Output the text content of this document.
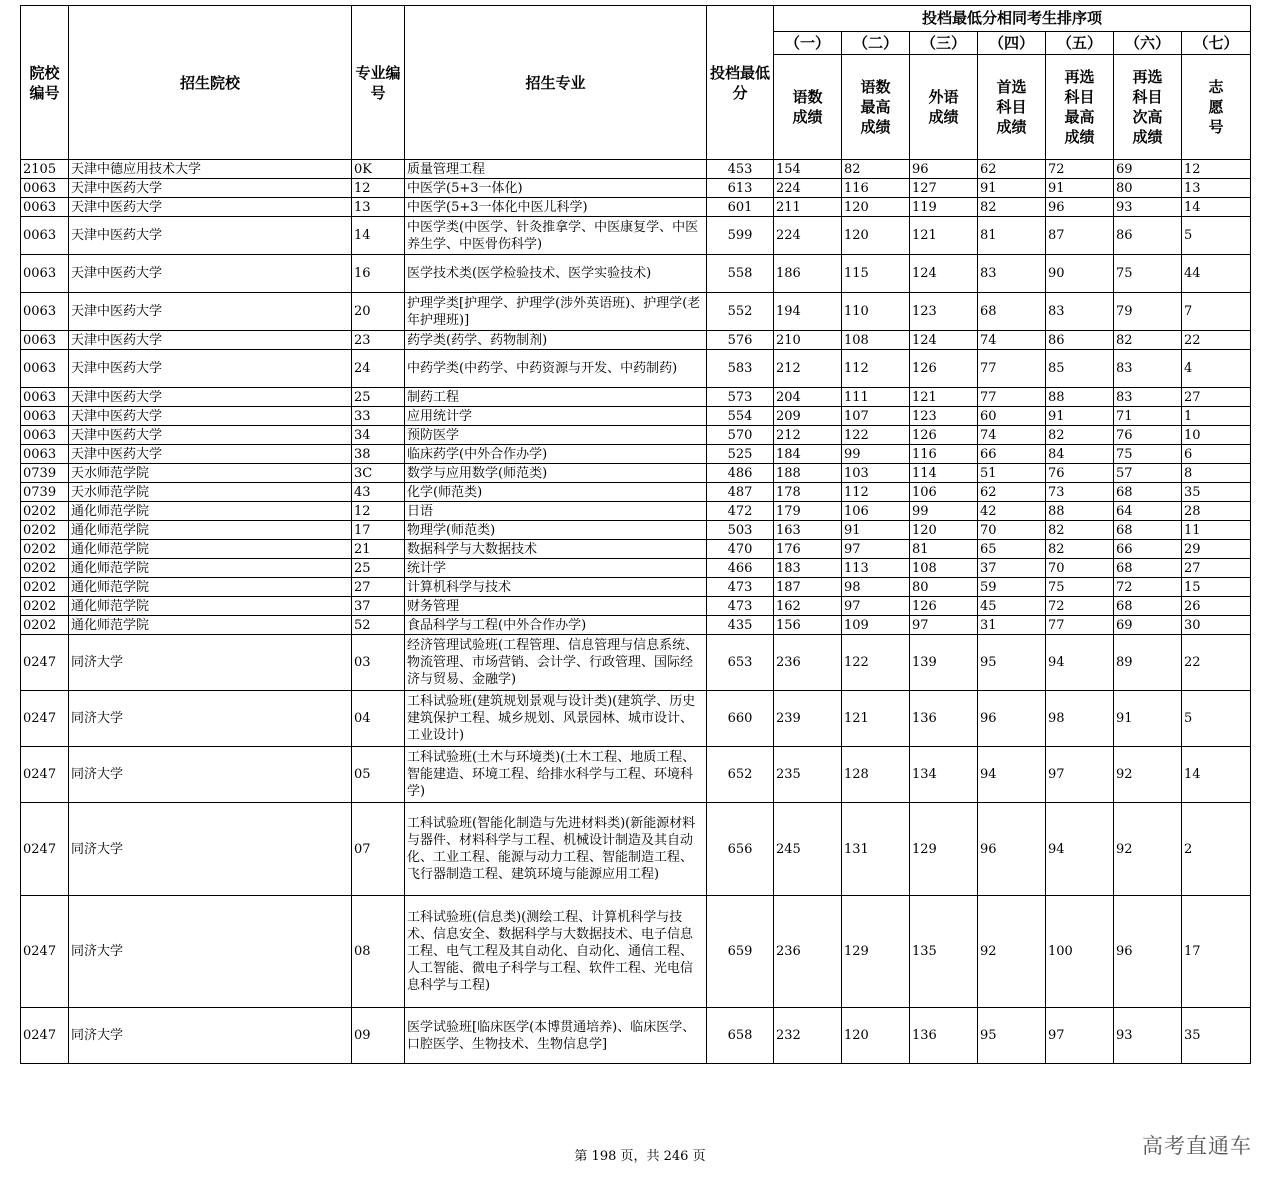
院校编号	招生院校	专业编号	招生专业	投档最低分	投档最低分相同考生排序项						
					（一）	（二）	（三）	（四）	（五）	（六）	（七）
					语数成绩	语数最高成绩	外语成绩	首选科目成绩	再选科目最高成绩	再选科目次高成绩	志愿号
2105	天津中德应用技术大学	0K	质量管理工程	453	154	82	96	62	72	69	12
0063	天津中医药大学	12	中医学(5+3一体化)	613	224	116	127	91	91	80	13
0063	天津中医药大学	13	中医学(5+3一体化中医儿科学)	601	211	120	119	82	96	93	14
0063	天津中医药大学	14	中医学类(中医学、针灸推拿学、中医康复学、中医养生学、中医骨伤科学)	599	224	120	121	81	87	86	5
0063	天津中医药大学	16	医学技术类(医学检验技术、医学实验技术)	558	186	115	124	83	90	75	44
0063	天津中医药大学	20	护理学类[护理学、护理学(涉外英语班)、护理学(老年护理班)]	552	194	110	123	68	83	79	7
0063	天津中医药大学	23	药学类(药学、药物制剂)	576	210	108	124	74	86	82	22
0063	天津中医药大学	24	中药学类(中药学、中药资源与开发、中药制药)	583	212	112	126	77	85	83	4
0063	天津中医药大学	25	制药工程	573	204	111	121	77	88	83	27
0063	天津中医药大学	33	应用统计学	554	209	107	123	60	91	71	1
0063	天津中医药大学	34	预防医学	570	212	122	126	74	82	76	10
0063	天津中医药大学	38	临床药学(中外合作办学)	525	184	99	116	66	84	75	6
0739	天水师范学院	3C	数学与应用数学(师范类)	486	188	103	114	51	76	57	8
0739	天水师范学院	43	化学(师范类)	487	178	112	106	62	73	68	35
0202	通化师范学院	12	日语	472	179	106	99	42	88	64	28
0202	通化师范学院	17	物理学(师范类)	503	163	91	120	70	82	68	11
0202	通化师范学院	21	数据科学与大数据技术	470	176	97	81	65	82	66	29
0202	通化师范学院	25	统计学	466	183	113	108	37	70	68	27
0202	通化师范学院	27	计算机科学与技术	473	187	98	80	59	75	72	15
0202	通化师范学院	37	财务管理	473	162	97	126	45	72	68	26
0202	通化师范学院	52	食品科学与工程(中外合作办学)	435	156	109	97	31	77	69	30
0247	同济大学	03	经济管理试验班(工程管理、信息管理与信息系统、物流管理、市场营销、会计学、行政管理、国际经济与贸易、金融学)	653	236	122	139	95	94	89	22
0247	同济大学	04	工科试验班(建筑规划景观与设计类)(建筑学、历史建筑保护工程、城乡规划、风景园林、城市设计、工业设计)	660	239	121	136	96	98	91	5
0247	同济大学	05	工科试验班(土木与环境类)(土木工程、地质工程、智能建造、环境工程、给排水科学与工程、环境科学)	652	235	128	134	94	97	92	14
0247	同济大学	07	工科试验班(智能化制造与先进材料类)(新能源材料与器件、材料科学与工程、机械设计制造及其自动化、工业工程、能源与动力工程、智能制造工程、飞行器制造工程、建筑环境与能源应用工程)	656	245	131	129	96	94	92	2
0247	同济大学	08	工科试验班(信息类)(测绘工程、计算机科学与技术、信息安全、数据科学与大数据技术、电子信息工程、电气工程及其自动化、自动化、通信工程、人工智能、微电子科学与工程、软件工程、光电信息科学与工程)	659	236	129	135	92	100	96	17
0247	同济大学	09	医学试验班[临床医学(本博贯通培养)、临床医学、口腔医学、生物技术、生物信息学]	658	232	120	136	95	97	93	35
第 198 页，共 246 页	高考直通车
